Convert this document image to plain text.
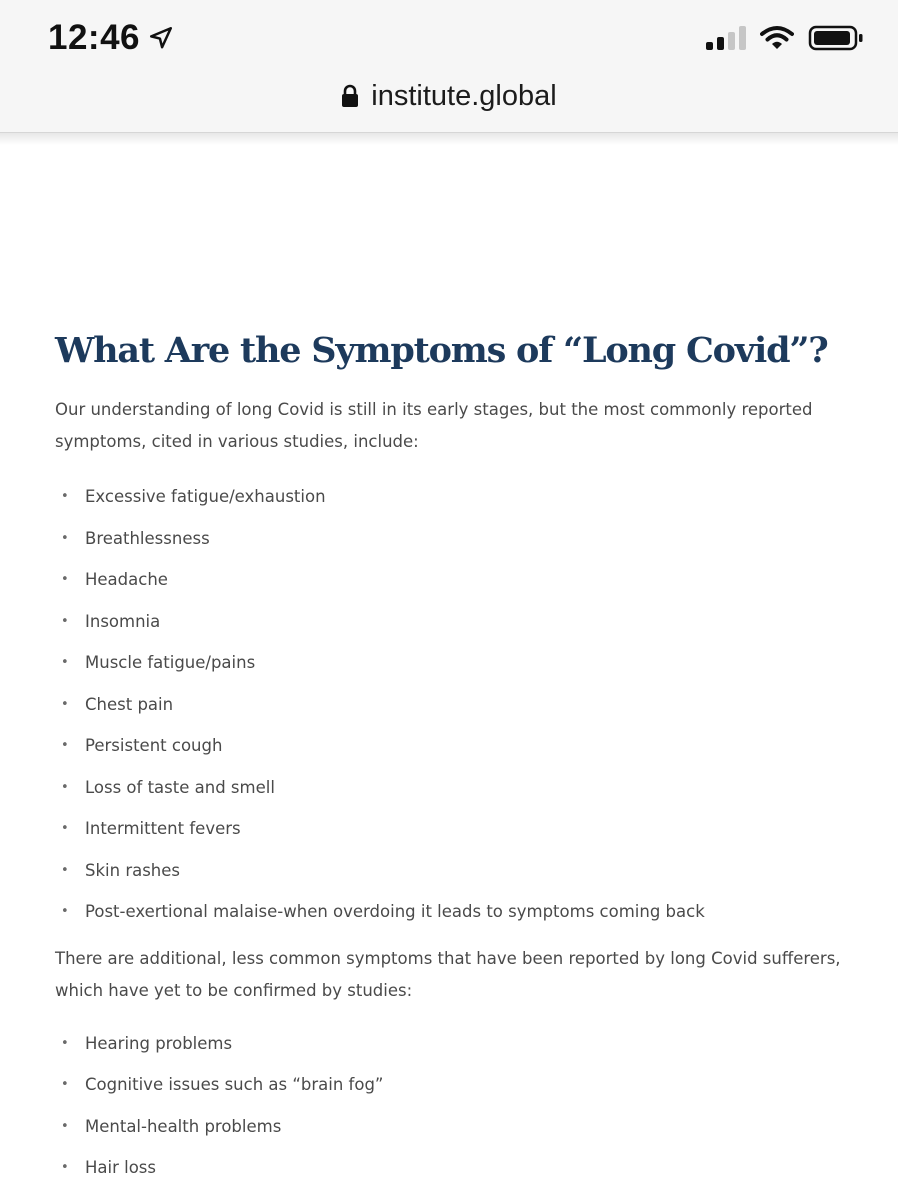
12:46
institute.global
What Are the Symptoms of “Long Covid”?

Our understanding of long Covid is still in its early stages, but the most commonly reported symptoms, cited in various studies, include:

• Excessive fatigue/exhaustion
• Breathlessness
• Headache
• Insomnia
• Muscle fatigue/pains
• Chest pain
• Persistent cough
• Loss of taste and smell
• Intermittent fevers
• Skin rashes
• Post-exertional malaise-when overdoing it leads to symptoms coming back

There are additional, less common symptoms that have been reported by long Covid sufferers, which have yet to be confirmed by studies:

• Hearing problems
• Cognitive issues such as “brain fog”
• Mental-health problems
• Hair loss
